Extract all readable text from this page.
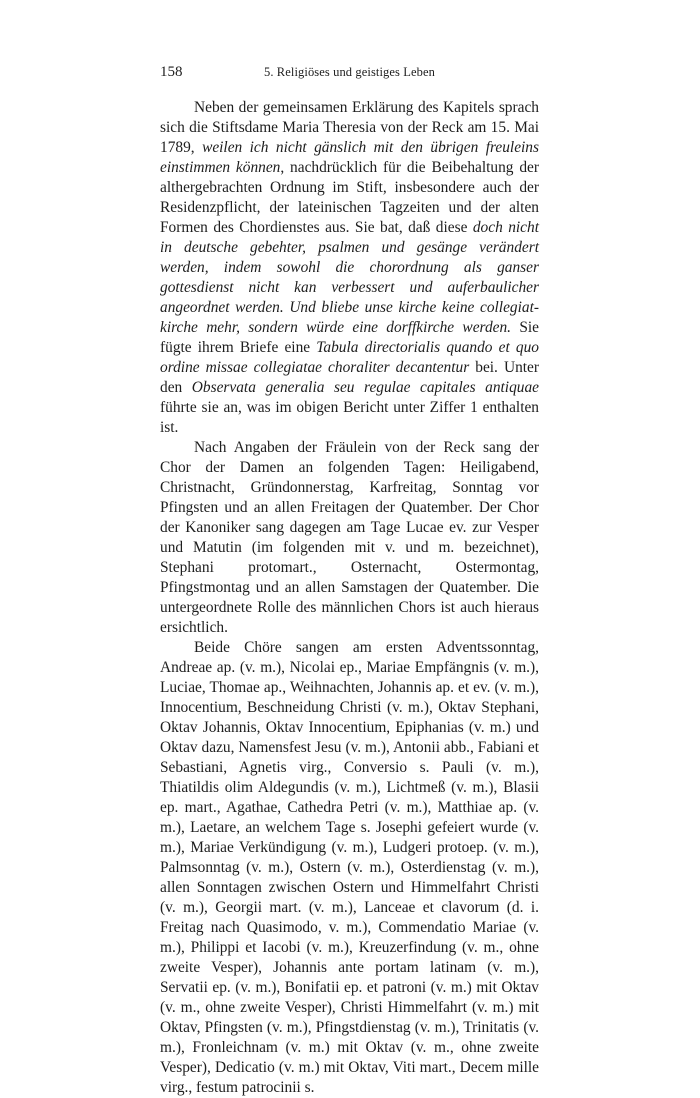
158	5. Religiöses und geistiges Leben

Neben der gemeinsamen Erklärung des Kapitels sprach sich die Stiftsdame Maria Theresia von der Reck am 15. Mai 1789, weilen ich nicht gänslich mit den übrigen freuleins einstimmen können, nachdrücklich für die Beibehaltung der althergebrachten Ordnung im Stift, insbesondere auch der Residenzpflicht, der lateinischen Tagzeiten und der alten Formen des Chordienstes aus. Sie bat, daß diese doch nicht in deutsche gebehter, psalmen und gesänge verändert werden, indem sowohl die chorordnung als ganser gottesdienst nicht kan verbessert und auferbaulicher angeordnet werden. Und bliebe unse kirche keine collegiatkirche mehr, sondern würde eine dorffkirche werden. Sie fügte ihrem Briefe eine Tabula directorialis quando et quo ordine missae collegiatae choraliter decantentur bei. Unter den Observata generalia seu regulae capitales antiquae führte sie an, was im obigen Bericht unter Ziffer 1 enthalten ist.

Nach Angaben der Fräulein von der Reck sang der Chor der Damen an folgenden Tagen: Heiligabend, Christnacht, Gründonnerstag, Karfreitag, Sonntag vor Pfingsten und an allen Freitagen der Quatember. Der Chor der Kanoniker sang dagegen am Tage Lucae ev. zur Vesper und Matutin (im folgenden mit v. und m. bezeichnet), Stephani protomart., Osternacht, Ostermontag, Pfingstmontag und an allen Samstagen der Quatember. Die untergeordnete Rolle des männlichen Chors ist auch hieraus ersichtlich.

Beide Chöre sangen am ersten Adventssonntag, Andreae ap. (v. m.), Nicolai ep., Mariae Empfängnis (v. m.), Luciae, Thomae ap., Weihnachten, Johannis ap. et ev. (v. m.), Innocentium, Beschneidung Christi (v. m.), Oktav Stephani, Oktav Johannis, Oktav Innocentium, Epiphanias (v. m.) und Oktav dazu, Namensfest Jesu (v. m.), Antonii abb., Fabiani et Sebastiani, Agnetis virg., Conversio s. Pauli (v. m.), Thiatildis olim Aldegundis (v. m.), Lichtmeß (v. m.), Blasii ep. mart., Agathae, Cathedra Petri (v. m.), Matthiae ap. (v. m.), Laetare, an welchem Tage s. Josephi gefeiert wurde (v. m.), Mariae Verkündigung (v. m.), Ludgeri protoep. (v. m.), Palmsonntag (v. m.), Ostern (v. m.), Osterdienstag (v. m.), allen Sonntagen zwischen Ostern und Himmelfahrt Christi (v. m.), Georgii mart. (v. m.), Lanceae et clavorum (d. i. Freitag nach Quasimodo, v. m.), Commendatio Mariae (v. m.), Philippi et Iacobi (v. m.), Kreuzerfindung (v. m., ohne zweite Vesper), Johannis ante portam latinam (v. m.), Servatii ep. (v. m.), Bonifatii ep. et patroni (v. m.) mit Oktav (v. m., ohne zweite Vesper), Christi Himmelfahrt (v. m.) mit Oktav, Pfingsten (v. m.), Pfingstdienstag (v. m.), Trinitatis (v. m.), Fronleichnam (v. m.) mit Oktav (v. m., ohne zweite Vesper), Dedicatio (v. m.) mit Oktav, Viti mart., Decem mille virg., festum patrocinii s.
